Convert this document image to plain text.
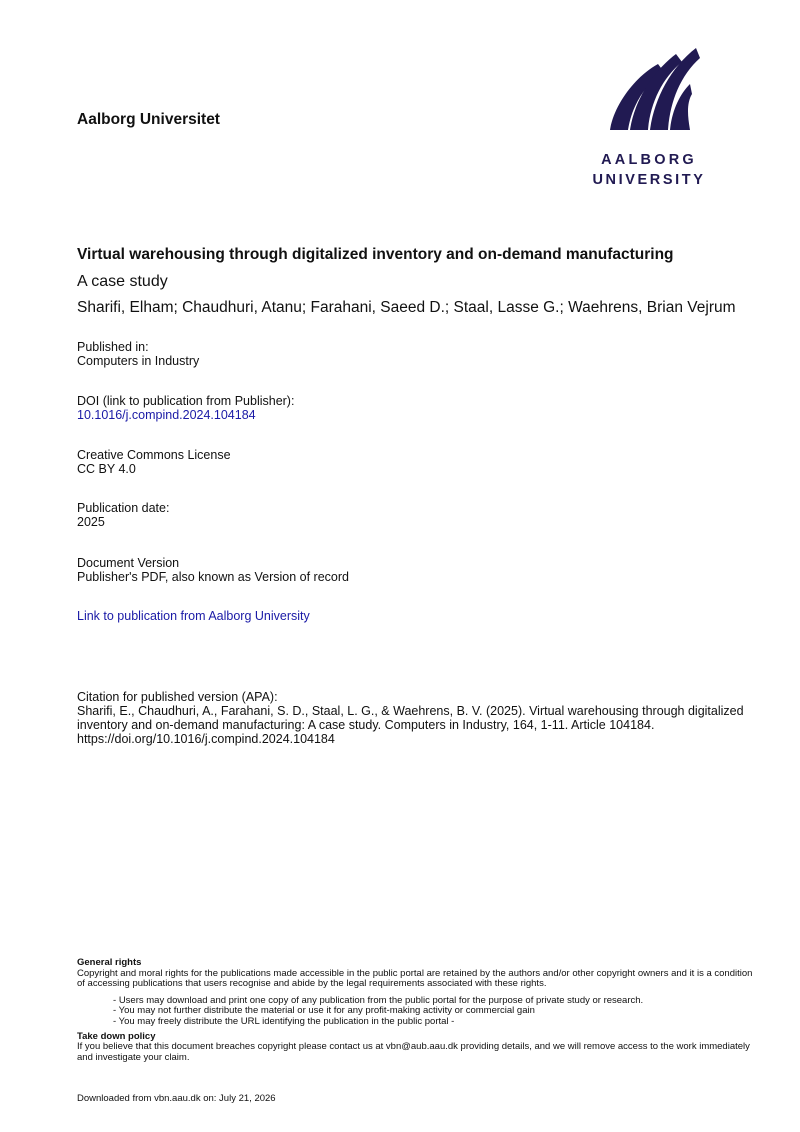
Aalborg Universitet
AALBORG
UNIVERSITY
Virtual warehousing through digitalized inventory and on-demand manufacturing
A case study
Sharifi, Elham; Chaudhuri, Atanu; Farahani, Saeed D.; Staal, Lasse G.; Waehrens, Brian Vejrum
Published in:
Computers in Industry
DOI (link to publication from Publisher):
10.1016/j.compind.2024.104184
Creative Commons License
CC BY 4.0
Publication date:
2025
Document Version
Publisher's PDF, also known as Version of record
Link to publication from Aalborg University
Citation for published version (APA):
Sharifi, E., Chaudhuri, A., Farahani, S. D., Staal, L. G., & Waehrens, B. V. (2025). Virtual warehousing through digitalized inventory and on-demand manufacturing: A case study. Computers in Industry, 164, 1-11. Article 104184. https://doi.org/10.1016/j.compind.2024.104184
General rights

Copyright and moral rights for the publications made accessible in the public portal are retained by the authors and/or other copyright owners and it is a condition of accessing publications that users recognise and abide by the legal requirements associated with these rights.

- Users may download and print one copy of any publication from the public portal for the purpose of private study or research.
- You may not further distribute the material or use it for any profit-making activity or commercial gain
- You may freely distribute the URL identifying the publication in the public portal -
Take down policy

If you believe that this document breaches copyright please contact us at vbn@aub.aau.dk providing details, and we will remove access to the work immediately and investigate your claim.

Downloaded from vbn.aau.dk on: July 21, 2026
